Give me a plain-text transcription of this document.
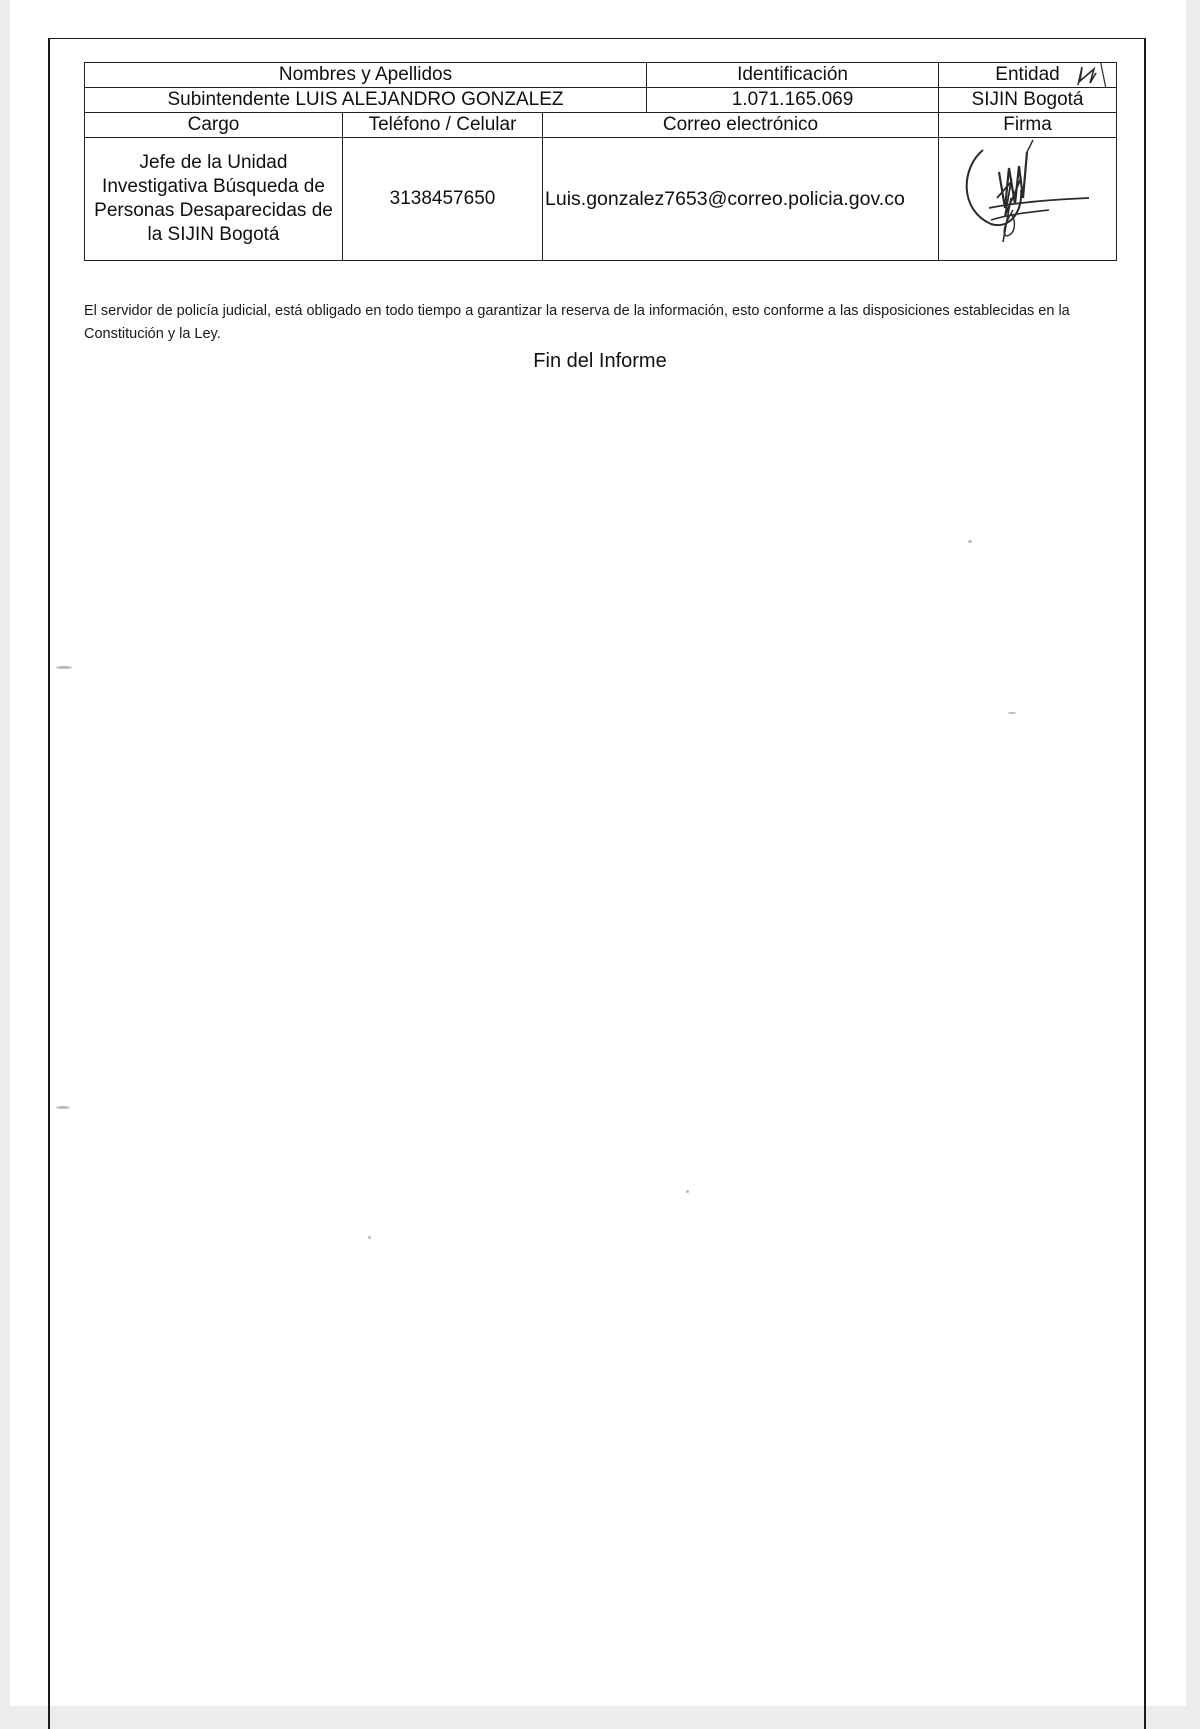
Nombres y Apellidos			Identificación	Entidad

Subintendente LUIS ALEJANDRO GONZALEZ			1.071.165.069	SIJIN Bogotá
Cargo	Teléfono / Celular	Correo electrónico		Firma
Jefe de la Unidad Investigativa Búsqueda de Personas Desaparecidas de la SIJIN Bogotá	3138457650	Luis.gonzalez7653@correo.policia.gov.co	
El servidor de policía judicial, está obligado en todo tiempo a garantizar la reserva de la información, esto conforme a las disposiciones establecidas en la Constitución y la Ley.
Fin del Informe
